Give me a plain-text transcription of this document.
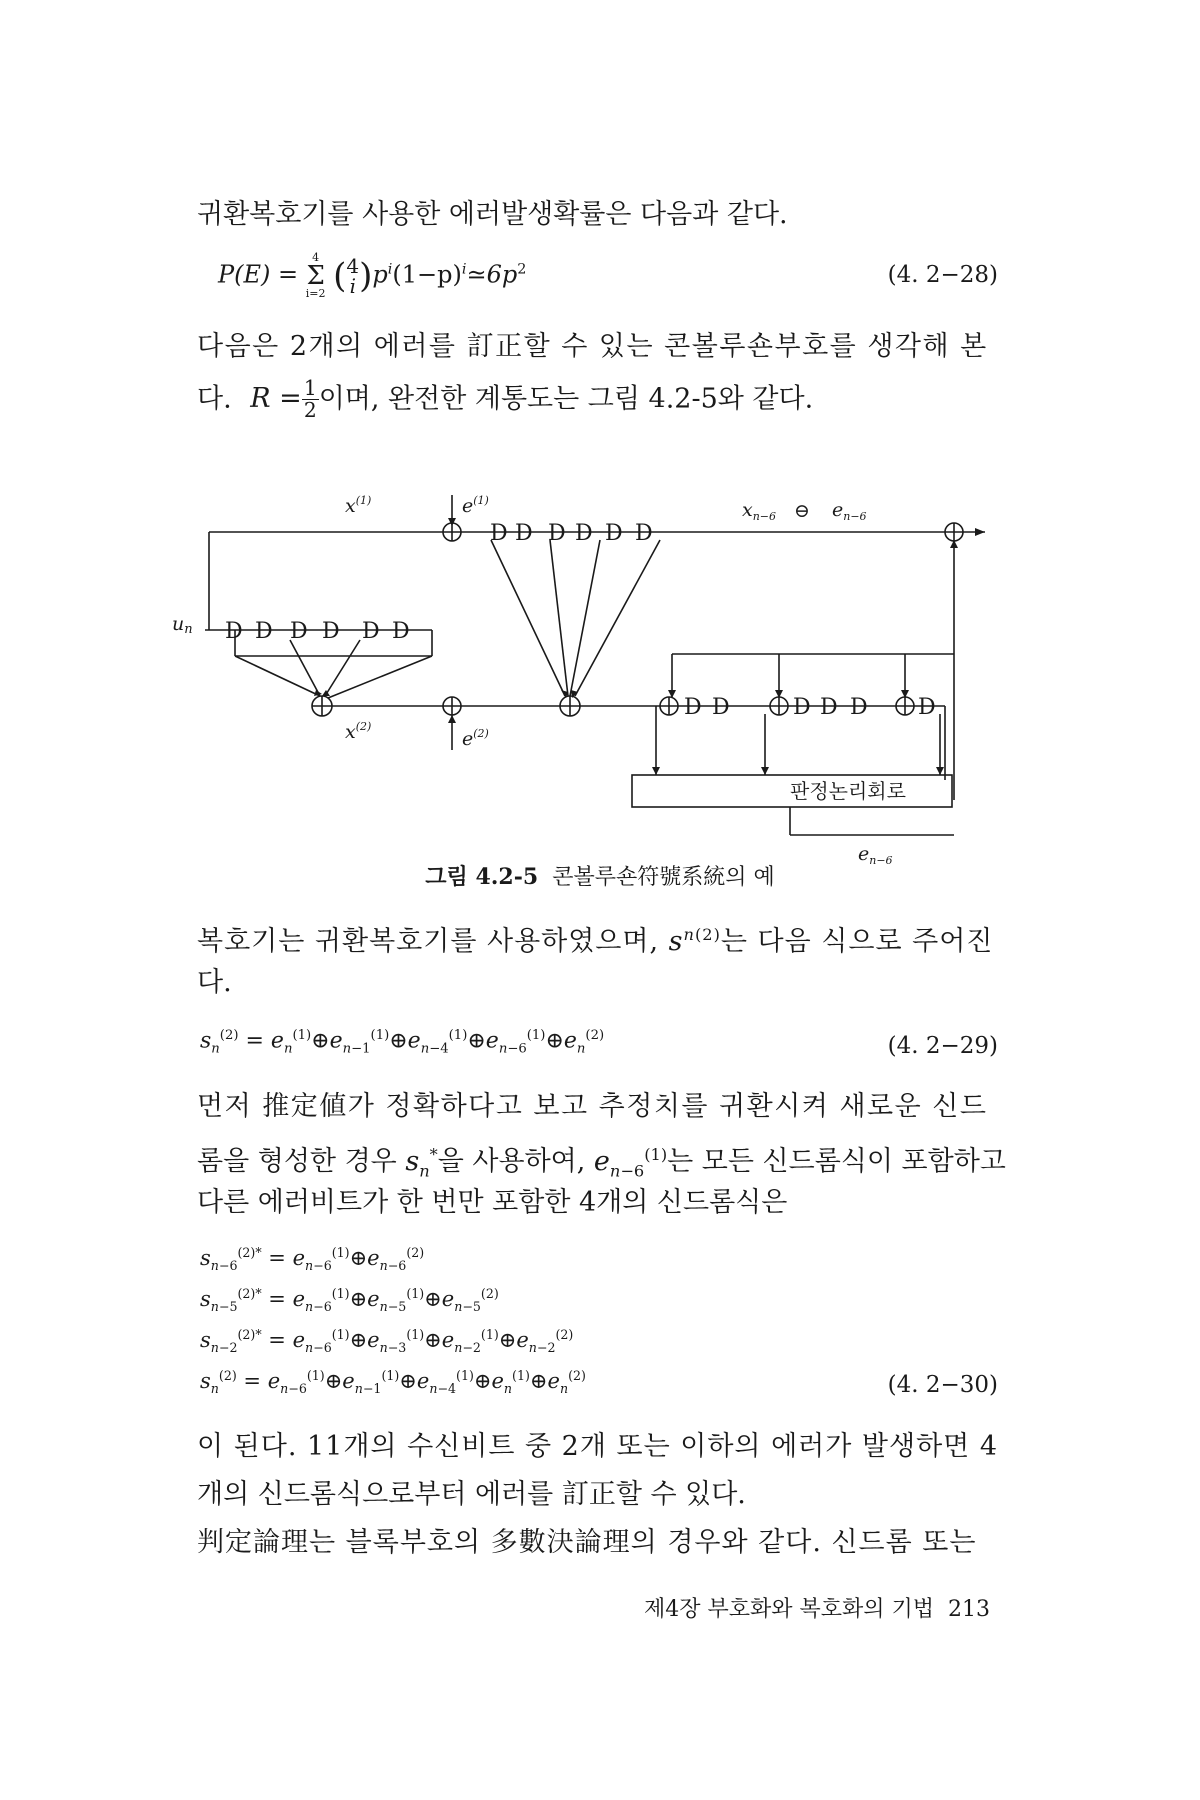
귀환복호기를 사용한 에러발생확률은 다음과 같다.
P(E) =
4
Σ
i=2 ( 4
i )$p^i(1-p)^i≃6p^2$	(4. 2−28)
다음은 2개의 에러를 訂正할 수 있는 콘볼루숀부호를 생각해 본
다. $R = \frac{1}{2}$ 이며, 완전한 계통도는 그림 4.2-5와 같다.
D D D D D D
D D D D D D
D D	D D D D
un
$x^{(1)}$	$e^{(1)}$	$x_{n-6}$ ⊖ $e_{n-6}$
$x^{(2)}$
$e^{(2)}$
$e_{n-6}$
판정논리회로
그림 4.2-5 콘볼루숀符號系統의 예
복호기는 귀환복호기를 사용하였으며, $s^{n(2)}$는 다음 식으로 주어진
다.
$s_n^{(2)}$ = $e_n^{(1)}\oplus e_{n-1}^{(1)}\oplus e_{n-4}^{(1)}\oplus e_{n-6}^{(1)}\oplus e_n^{(2)}$	(4. 2−29)
먼저 推定値가 정확하다고 보고 추정치를 귀환시켜 새로운 신드
롬을 형성한 경우 $s_n^*$을 사용하여, $e_{n-6}^{(1)}$는 모든 신드롬식이 포함하고
다른 에러비트가 한 번만 포함한 4개의 신드롬식은
$s_{n-6}^{(2)*}$ = $e_{n-6}^{(1)}\oplus e_{n-6}^{(2)}$
$s_{n-5}^{(2)*}$ = $e_{n-6}^{(1)}\oplus e_{n-5}^{(1)}\oplus e_{n-5}^{(2)}$
$s_{n-2}^{(2)*}$ = $e_{n-6}^{(1)}\oplus e_{n-3}^{(1)}\oplus e_{n-2}^{(1)}\oplus e_{n-2}^{(2)}$
$s_n^{(2)}$ = $e_{n-6}^{(1)}\oplus e_{n-1}^{(1)}\oplus e_{n-4}^{(1)}\oplus e_n^{(1)}\oplus e_n^{(2)}$	(4. 2−30)
이 된다. 11개의 수신비트 중 2개 또는 이하의 에러가 발생하면 4
개의 신드롬식으로부터 에러를 訂正할 수 있다.
判定論理는 블록부호의 多數決論理의 경우와 같다. 신드롬 또는
제4장 부호화와 복호화의 기법 213
